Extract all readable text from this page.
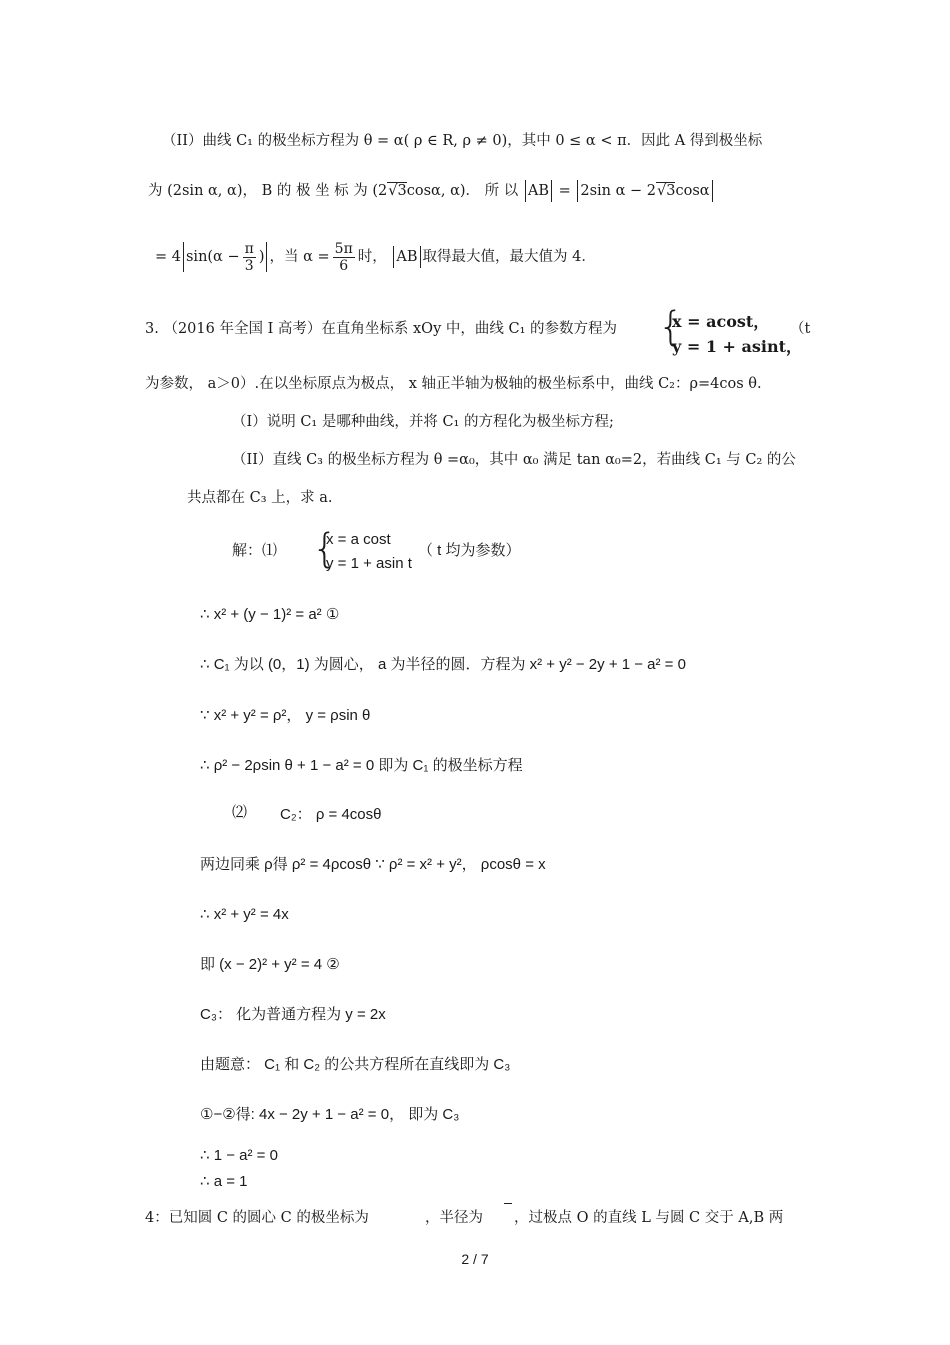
（II）曲线 C₁ 的极坐标方程为 θ = α( ρ ∈ R, ρ ≠ 0)，其中 0 ≤ α < π．因此 A 得到极坐标
为 (2sin α, α)， B 的 极 坐 标 为 (2√3cosα, α)． 所 以 AB = 2sin α − 2√3cosα
= 4 $\sin(\alpha - \frac{\pi}{3}$ ) ，当 $\alpha = \frac{5\pi}{6}$ 时， AB 取得最大值，最大值为 4．
3. （2016 年全国 Ⅰ 高考）在直角坐标系 xOy 中，曲线 C₁ 的参数方程为 {
x = acost，
y = 1 + asint，
（t
为参数， a＞0）.在以坐标原点为极点， x 轴正半轴为极轴的极坐标系中，曲线 C₂：ρ=4cos θ.
（I）说明 C₁ 是哪种曲线，并将 C₁ 的方程化为极坐标方程;
（II）直线 C₃ 的极坐标方程为 θ =α₀，其中 α₀ 满足 tan α₀=2，若曲线 C₁ 与 C₂ 的公
共点都在 C₃ 上，求 a.
解：⑴ {
x = a cost
y = 1 + asin t
（ t 均为参数）
∴ x² + (y − 1)² = a² ①
∴ C₁ 为以 (0，1) 为圆心， a 为半径的圆．方程为 x² + y² − 2y + 1 − a² = 0
∵ x² + y² = ρ²， y = ρsin θ
∴ ρ² − 2ρsin θ + 1 − a² = 0 即为 C₁ 的极坐标方程
⑵ C₂： ρ = 4cosθ
两边同乘 ρ得 ρ² = 4ρcosθ ∵ ρ² = x² + y²， ρcosθ = x
∴ x² + y² = 4x
即 (x − 2)² + y² = 4 ②
C₃： 化为普通方程为 y = 2x
由题意： C₁ 和 C₂ 的公共方程所在直线即为 C₃
①−②得: 4x − 2y + 1 − a² = 0， 即为 C₃
∴ 1 − a² = 0
∴ a = 1
4：已知圆 C 的圆心 C 的极坐标为	，半径为 ，过极点 O 的直线 L 与圆 C 交于 A,B 两
2 / 7
